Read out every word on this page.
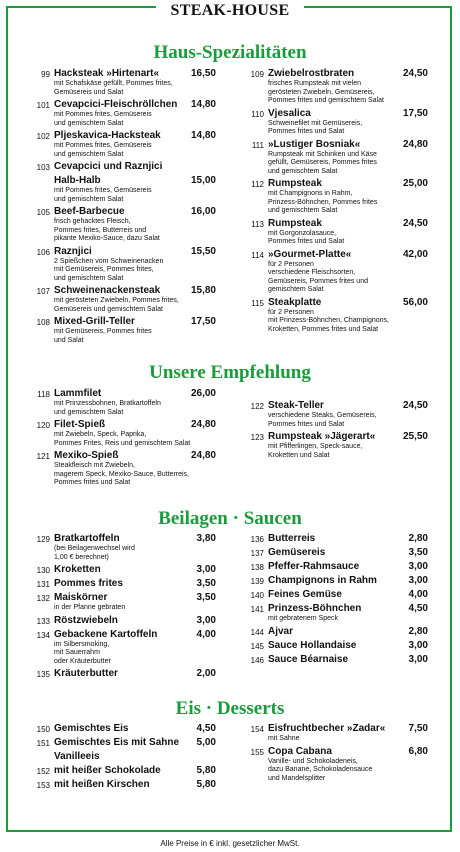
STEAK-HOUSE
Haus-Spezialitäten
99 Hacksteak »Hirtenart«	16,50
mit Schafskäse gefüllt, Pommes frites,
Gemüsereis und Salat
101 Cevapcici-Fleischröllchen 14,80
mit Pommes frites, Gemüsereis
und gemischtem Salat
102 Pljeskavica-Hacksteak	14,80
mit Pommes frites, Gemüsereis
und gemischtem Salat
103 Cevapcici und Raznjici
Halb-Halb	15,00
mit Pommes frites, Gemüsereis
und gemischtem Salat
105 Beef-Barbecue	16,00
frisch gehacktes Fleisch,
Pommes frites, Butterreis und
pikante Mexiko-Sauce, dazu Salat
106 Raznjici	15,50
2 Spießchen vom Schweinenacken
mit Gemüsereis, Pommes frites,
und gemischtem Salat
107 Schweinenackensteak	15,80
mit gerösteten Zwiebeln, Pommes frites,
Gemüsereis und gemischtem Salat
108 Mixed-Grill-Teller	17,50
mit Gemüsereis, Pommes frites
und Salat
109 Zwiebelrostbraten	24,50
frisches Rumpsteak mit vielen
gerösteten Zwiebeln, Gemüsereis,
Pommes frites und gemischtem Salat
110 Vjesalica	17,50
Schweinefilet mit Gemüsereis,
Pommes frites und Salat
111 »Lustiger Bosniak«	24,80
Rumpsteak mit Schinken und Käse
gefüllt, Gemüsereis, Pommes frites
und gemischtem Salat
112 Rumpsteak	25,00
mit Champignons in Rahm,
Prinzess-Böhnchen, Pommes frites
und gemischtem Salat
113 Rumpsteak	24,50
mit Gorgonzolasauce,
Pommes frites und Salat
114 »Gourmet-Platte«	42,00
für 2 Personen
verschiedene Fleischsorten,
Gemüsereis, Pommes frites und
gemischtem Salat
115 Steakplatte	56,00
für 2 Personen
mit Prinzess-Böhnchen, Champignons,
Kroketten, Pommes frites und Salat
Unsere Empfehlung
118 Lammfilet	26,00
mit Prinzessbohnen, Bratkartoffeln
und gemischtem Salat
120 Filet-Spieß	24,80
mit Zwiebeln, Speck, Paprika,
Pommes Frites, Reis und gemischtem Salat
121 Mexiko-Spieß	24,80
Steakfleisch mit Zwiebeln,
magerem Speck, Mexiko-Sauce, Butterreis,
Pommes frites und Salat
122 Steak-Teller	24,50
verschiedene Steaks, Gemüsereis,
Pommes frites und Salat
123 Rumpsteak »Jägerart«	25,50
mit Pfifferlingen, Speck-sauce,
Kroketten und Salat
Beilagen · Saucen
129 Bratkartoffeln	3,80
(bei Beilagenwechsel wird
1,00 € berechnet)
130 Kroketten	3,00
131 Pommes frites	3,50
132 Maiskörner	3,50
in der Pfanne gebraten
133 Röstzwiebeln	3,00
134 Gebackene Kartoffeln	4,00
im Silbersmoking,
mit Sauerrahm
oder Kräuterbutter
135 Kräuterbutter	2,00
136 Butterreis	2,80
137 Gemüsereis	3,50
138 Pfeffer-Rahmsauce	3,00
139 Champignons in Rahm	3,00
140 Feines Gemüse	4,00
141 Prinzess-Böhnchen	4,50
mit gebratenem Speck
144 Ajvar	2,80
145 Sauce Hollandaise	3,00
146 Sauce Béarnaise	3,00
Eis · Desserts
150 Gemischtes Eis	4,50
151 Gemischtes Eis mit Sahne 5,00
Vanilleeis
152 mit heißer Schokolade	5,80
153 mit heißen Kirschen	5,80
154 Eisfruchtbecher »Zadar« 7,50
mit Sahne
155 Copa Cabana	6,80
Vanille- und Schokoladeneis,
dazu Banane, Schokoladensauce
und Mandelsplitter
Alle Preise in € inkl. gesetzlicher MwSt.
